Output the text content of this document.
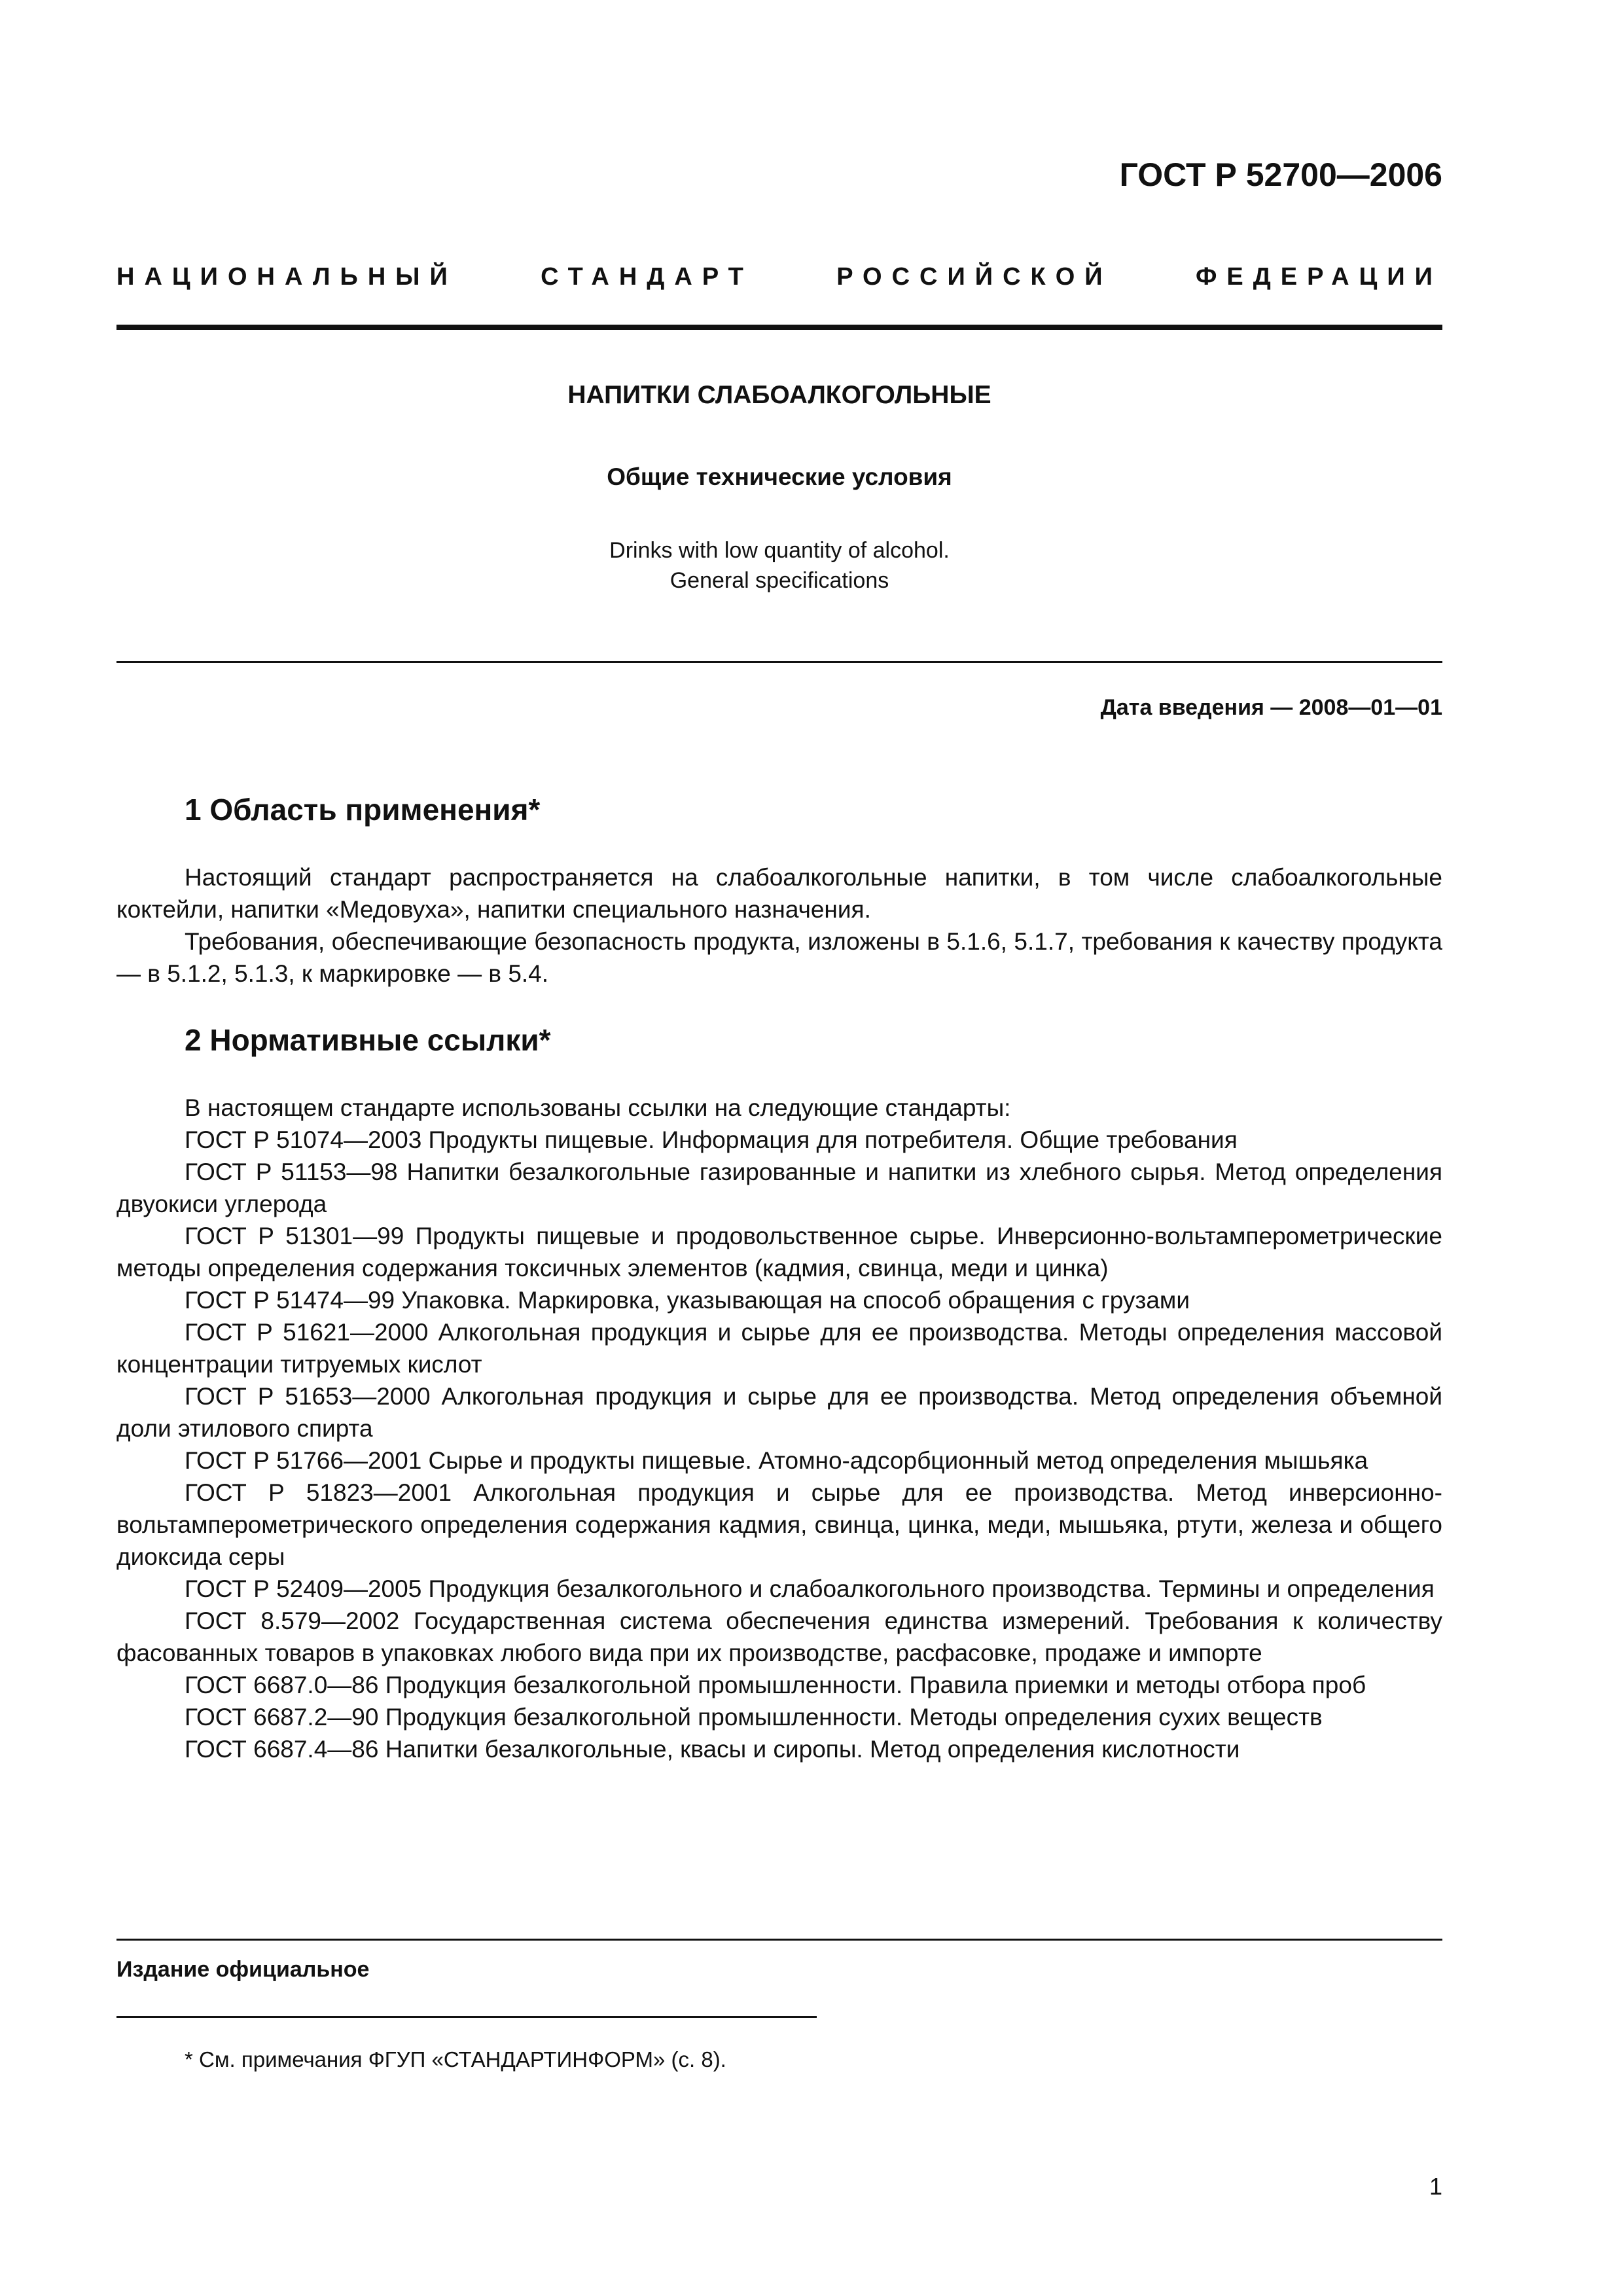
ГОСТ Р 52700—2006
НАЦИОНАЛЬНЫЙ	СТАНДАРТ	РОССИЙСКОЙ	ФЕДЕРАЦИИ
НАПИТКИ СЛАБОАЛКОГОЛЬНЫЕ
Общие технические условия
Drinks with low quantity of alcohol.
General specifications
Дата введения — 2008—01—01
1 Область применения*

Настоящий стандарт распространяется на слабоалкогольные напитки, в том числе слабоалкогольные коктейли, напитки «Медовуха», напитки специального назначения.

Требования, обеспечивающие безопасность продукта, изложены в 5.1.6, 5.1.7, требования к качеству продукта — в 5.1.2, 5.1.3, к маркировке — в 5.4.

2 Нормативные ссылки*

В настоящем стандарте использованы ссылки на следующие стандарты:

ГОСТ Р 51074—2003 Продукты пищевые. Информация для потребителя. Общие требования

ГОСТ Р 51153—98 Напитки безалкогольные газированные и напитки из хлебного сырья. Метод определения двуокиси углерода

ГОСТ Р 51301—99 Продукты пищевые и продовольственное сырье. Инверсионно-вольтамперометрические методы определения содержания токсичных элементов (кадмия, свинца, меди и цинка)

ГОСТ Р 51474—99 Упаковка. Маркировка, указывающая на способ обращения с грузами

ГОСТ Р 51621—2000 Алкогольная продукция и сырье для ее производства. Методы определения массовой концентрации титруемых кислот

ГОСТ Р 51653—2000 Алкогольная продукция и сырье для ее производства. Метод определения объемной доли этилового спирта

ГОСТ Р 51766—2001 Сырье и продукты пищевые. Атомно-адсорбционный метод определения мышьяка

ГОСТ Р 51823—2001 Алкогольная продукция и сырье для ее производства. Метод инверсионно-вольтамперометрического определения содержания кадмия, свинца, цинка, меди, мышьяка, ртути, железа и общего диоксида серы

ГОСТ Р 52409—2005 Продукция безалкогольного и слабоалкогольного производства. Термины и определения

ГОСТ 8.579—2002 Государственная система обеспечения единства измерений. Требования к количеству фасованных товаров в упаковках любого вида при их производстве, расфасовке, продаже и импорте

ГОСТ 6687.0—86 Продукция безалкогольной промышленности. Правила приемки и методы отбора проб

ГОСТ 6687.2—90 Продукция безалкогольной промышленности. Методы определения сухих веществ

ГОСТ 6687.4—86 Напитки безалкогольные, квасы и сиропы. Метод определения кислотности

Издание официальное
* См. примечания ФГУП «СТАНДАРТИНФОРМ» (с. 8).
1
